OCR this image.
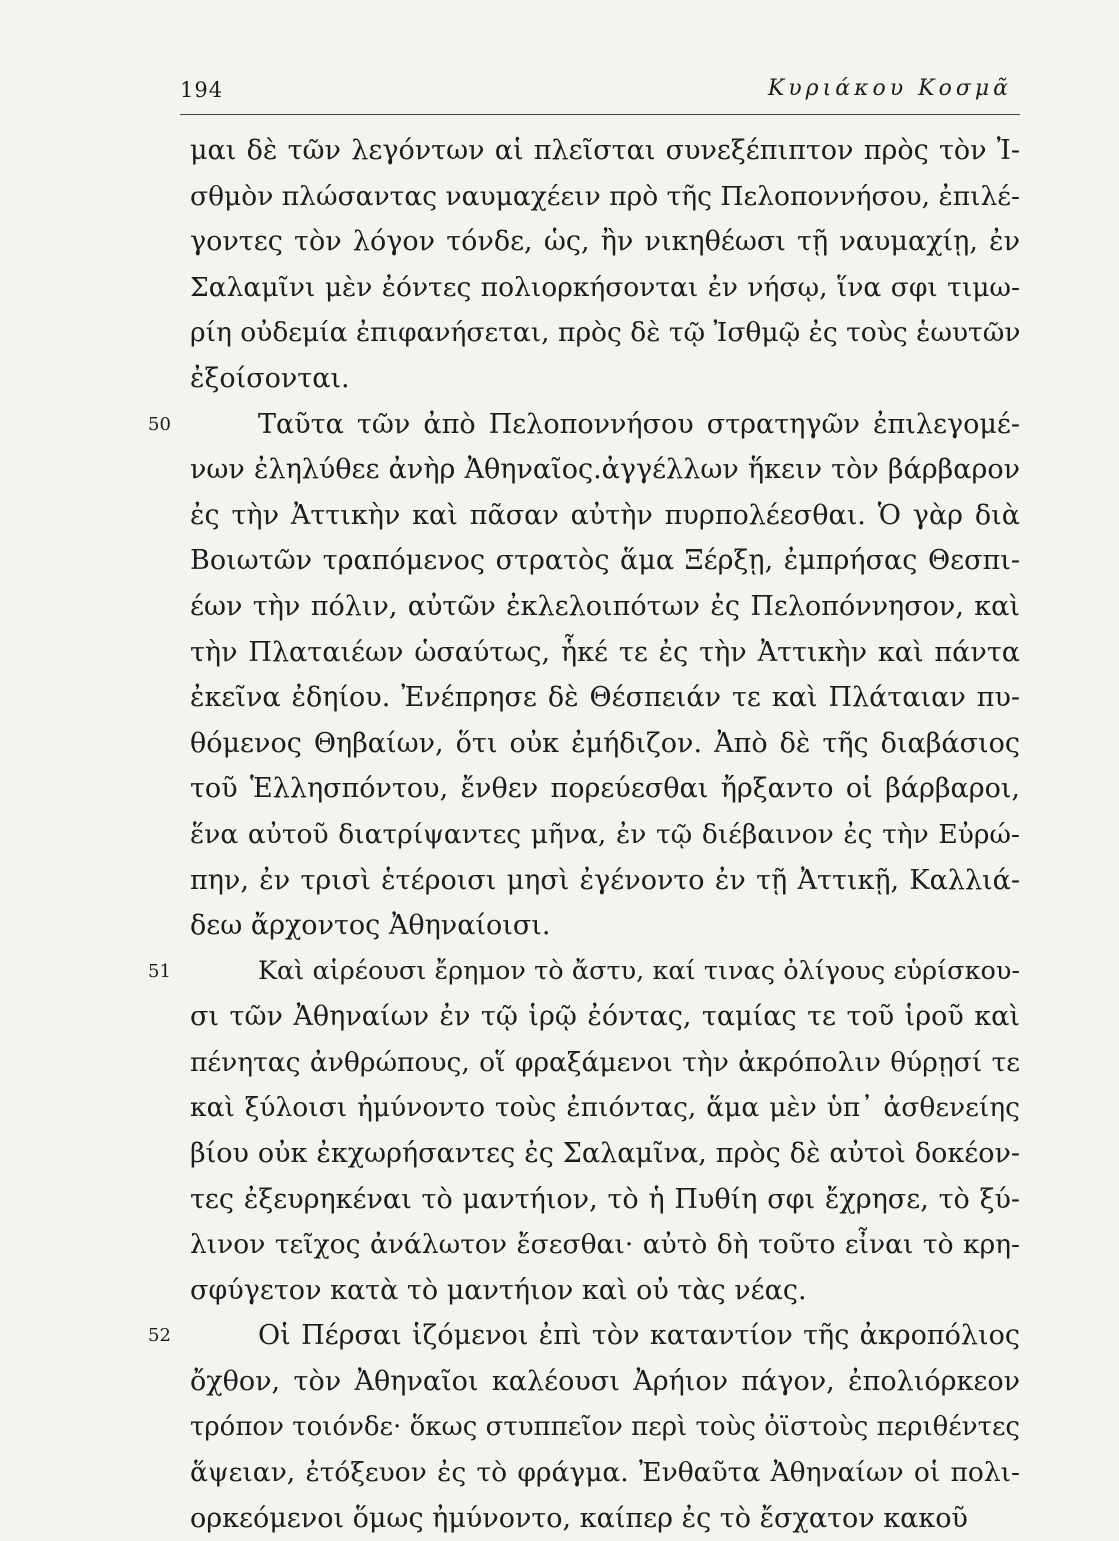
194	Κυριάκου Κοσμᾶ
μαι δὲ τῶν λεγόντων αἱ πλεῖσται συνεξέπιπτον πρὸς τὸν Ἰ-
σθμὸν πλώσαντας ναυμαχέειν πρὸ τῆς Πελοποννήσου, ἐπιλέ-
γοντες τὸν λόγον τόνδε, ὡς, ἢν νικηθέωσι τῇ ναυμαχίῃ, ἐν
Σαλαμῖνι μὲν ἐόντες πολιορκήσονται ἐν νήσῳ, ἵνα σφι τιμω-
ρίη οὐδεμία ἐπιφανήσεται, πρὸς δὲ τῷ Ἰσθμῷ ἐς τοὺς ἑωυτῶν
ἐξοίσονται.
50	Ταῦτα τῶν ἀπὸ Πελοποννήσου στρατηγῶν ἐπιλεγομέ-
νων ἐληλύθεε ἀνὴρ Ἀθηναῖος.ἀγγέλλων ἥκειν τὸν βάρβαρον
ἐς τὴν Ἀττικὴν καὶ πᾶσαν αὐτὴν πυρπολέεσθαι. Ὁ γὰρ διὰ
Βοιωτῶν τραπόμενος στρατὸς ἅμα Ξέρξῃ, ἐμπρήσας Θεσπι-
έων τὴν πόλιν, αὐτῶν ἐκλελοιπότων ἐς Πελοπόννησον, καὶ
τὴν Πλαταιέων ὡσαύτως, ἧκέ τε ἐς τὴν Ἀττικὴν καὶ πάντα
ἐκεῖνα ἐδηίου. Ἐνέπρησε δὲ Θέσπειάν τε καὶ Πλάταιαν πυ-
θόμενος Θηβαίων, ὅτι οὐκ ἐμήδιζον. Ἀπὸ δὲ τῆς διαβάσιος
τοῦ Ἑλλησπόντου, ἔνθεν πορεύεσθαι ἤρξαντο οἱ βάρβαροι,
ἕνα αὐτοῦ διατρίψαντες μῆνα, ἐν τῷ διέβαινον ἐς τὴν Εὐρώ-
πην, ἐν τρισὶ ἑτέροισι μησὶ ἐγένοντο ἐν τῇ Ἀττικῇ, Καλλιά-
δεω ἄρχοντος Ἀθηναίοισι.
51	Καὶ αἱρέουσι ἔρημον τὸ ἄστυ, καί τινας ὀλίγους εὑρίσκου-
σι τῶν Ἀθηναίων ἐν τῷ ἱρῷ ἐόντας, ταμίας τε τοῦ ἱροῦ καὶ
πένητας ἀνθρώπους, οἵ φραξάμενοι τὴν ἀκρόπολιν θύρῃσί τε
καὶ ξύλοισι ἠμύνοντο τοὺς ἐπιόντας, ἅμα μὲν ὑπ᾽ ἀσθενείης
βίου οὐκ ἐκχωρήσαντες ἐς Σαλαμῖνα, πρὸς δὲ αὐτοὶ δοκέον-
τες ἐξευρηκέναι τὸ μαντήιον, τὸ ἡ Πυθίη σφι ἔχρησε, τὸ ξύ-
λινον τεῖχος ἀνάλωτον ἔσεσθαι· αὐτὸ δὴ τοῦτο εἶναι τὸ κρη-
σφύγετον κατὰ τὸ μαντήιον καὶ οὐ τὰς νέας.
52	Οἱ Πέρσαι ἱζόμενοι ἐπὶ τὸν καταντίον τῆς ἀκροπόλιος
ὄχθον, τὸν Ἀθηναῖοι καλέουσι Ἀρήιον πάγον, ἐπολιόρκεον
τρόπον τοιόνδε· ὅκως στυππεῖον περὶ τοὺς ὀϊστοὺς περιθέντες
ἅψειαν, ἐτόξευον ἐς τὸ φράγμα. Ἐνθαῦτα Ἀθηναίων οἱ πολι-
ορκεόμενοι ὅμως ἠμύνοντο, καίπερ ἐς τὸ ἔσχατον κακοῦ
